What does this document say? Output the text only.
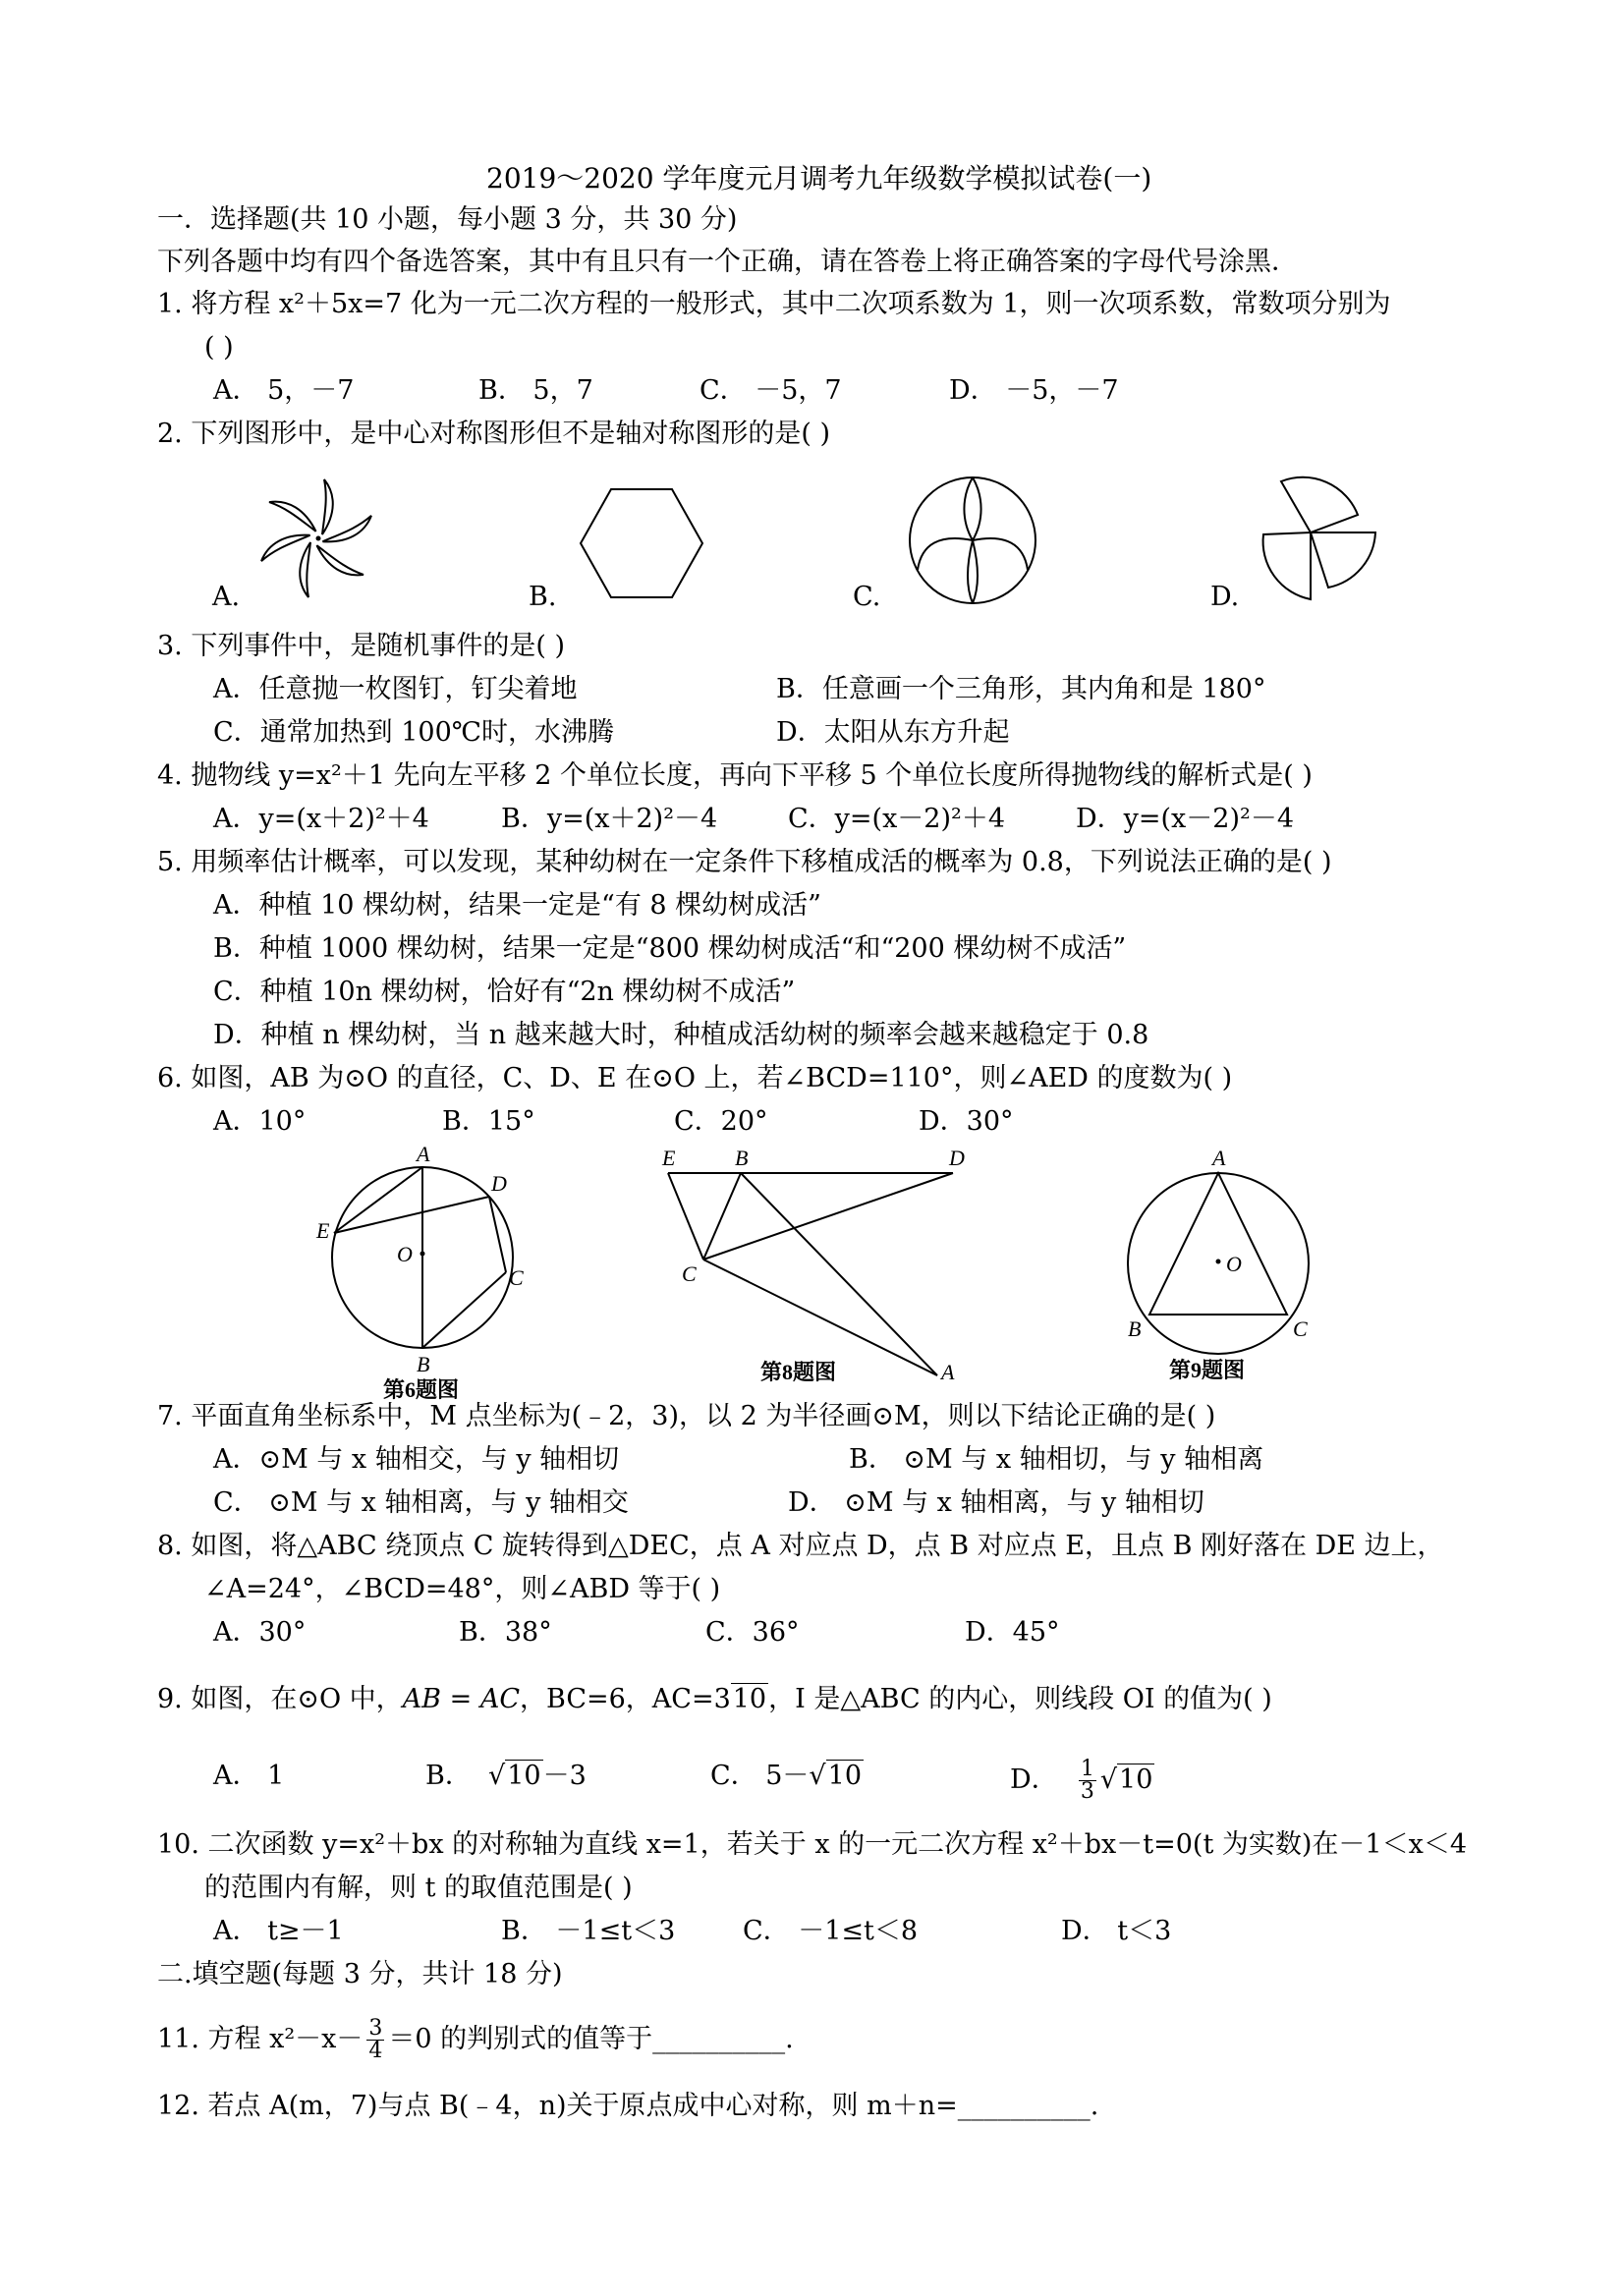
2019～2020 学年度元月调考九年级数学模拟试卷(一)
一．选择题(共 10 小题，每小题 3 分，共 30 分)
下列各题中均有四个备选答案，其中有且只有一个正确，请在答卷上将正确答案的字母代号涂黑．
1. 将方程 x²＋5x=7 化为一元二次方程的一般形式，其中二次项系数为 1，则一次项系数，常数项分别为
( )
A． 5，－7	B． 5，7	C． －5，7	D． －5，－7
2. 下列图形中，是中心对称图形但不是轴对称图形的是( )
A.	B.	C.	D.
3. 下列事件中，是随机事件的是( )
A．任意抛一枚图钉，钉尖着地	B．任意画一个三角形，其内角和是 180°
C．通常加热到 100℃时，水沸腾	D．太阳从东方升起
4. 抛物线 y=x²＋1 先向左平移 2 个单位长度，再向下平移 5 个单位长度所得抛物线的解析式是( )
A．y=(x＋2)²＋4	B．y=(x＋2)²－4	C．y=(x－2)²＋4	D．y=(x－2)²－4
5. 用频率估计概率，可以发现，某种幼树在一定条件下移植成活的概率为 0.8，下列说法正确的是( )
A．种植 10 棵幼树，结果一定是“有 8 棵幼树成活”
B．种植 1000 棵幼树，结果一定是“800 棵幼树成活“和“200 棵幼树不成活”
C．种植 10n 棵幼树，恰好有“2n 棵幼树不成活”
D．种植 n 棵幼树，当 n 越来越大时，种植成活幼树的频率会越来越稳定于 0.8
6. 如图，AB 为⊙O 的直径，C、D、E 在⊙O 上，若∠BCD=110°，则∠AED 的度数为( )
A．10°	B．15°	C．20°	D．30°
A
B
C
D
E
O
第6题图
E	B	D
C
A
第8题图
A
B	C
O
第9题图
7. 平面直角坐标系中，M 点坐标为(﹣2，3)，以 2 为半径画⊙M，则以下结论正确的是( )
A．⊙M 与 x 轴相交，与 y 轴相切	B． ⊙M 与 x 轴相切，与 y 轴相离
C． ⊙M 与 x 轴相离，与 y 轴相交	D． ⊙M 与 x 轴相离，与 y 轴相切
8. 如图，将△ABC 绕顶点 C 旋转得到△DEC，点 A 对应点 D，点 B 对应点 E，且点 B 刚好落在 DE 边上，
∠A=24°，∠BCD=48°，则∠ABD 等于( )
A．30°	B．38°	C．36°	D．45°
9. 如图，在⊙O 中，AB = AC，BC=6，AC=310，I 是△ABC 的内心，则线段 OI 的值为( )
A． 1	B．  √10－3	C． 5－√10	D． $\frac{1}{3} √10$
10. 二次函数 y=x²＋bx 的对称轴为直线 x=1，若关于 x 的一元二次方程 x²＋bx－t=0(t 为实数)在－1＜x＜4
的范围内有解，则 t 的取值范围是( )
A． t≥－1	B． －1≤t＜3	C． －1≤t＜8	D． t＜3
二.填空题(每题 3 分，共计 18 分)
11. 方程 $x^2-x- \frac{3}{4} =0$ 的判别式的值等于__________.
12. 若点 A(m，7)与点 B(﹣4，n)关于原点成中心对称，则 m＋n=__________.
